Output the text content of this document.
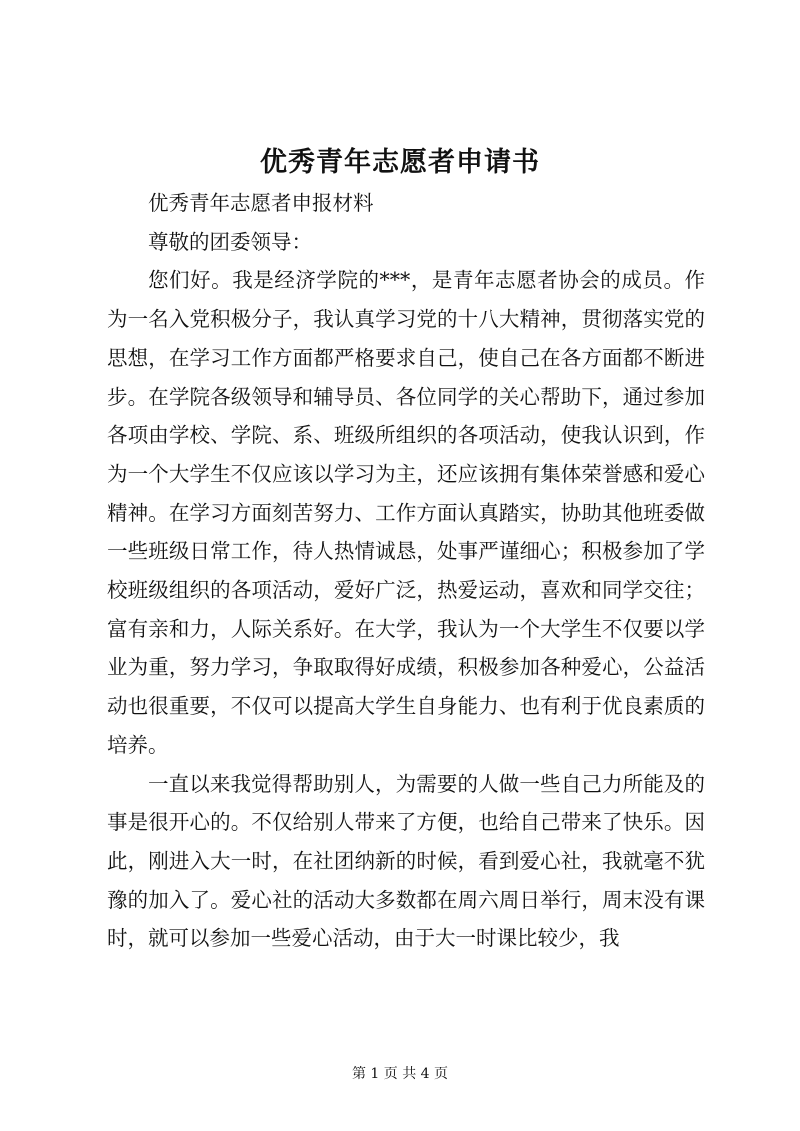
优秀青年志愿者申请书

优秀青年志愿者申报材料

尊敬的团委领导：

您们好。我是经济学院的***，是青年志愿者协会的成员。作为一名入党积极分子，我认真学习党的十八大精神，贯彻落实党的思想，在学习工作方面都严格要求自己，使自己在各方面都不断进步。在学院各级领导和辅导员、各位同学的关心帮助下，通过参加各项由学校、学院、系、班级所组织的各项活动，使我认识到，作为一个大学生不仅应该以学习为主，还应该拥有集体荣誉感和爱心精神。在学习方面刻苦努力、工作方面认真踏实，协助其他班委做一些班级日常工作，待人热情诚恳，处事严谨细心；积极参加了学校班级组织的各项活动，爱好广泛，热爱运动，喜欢和同学交往；富有亲和力，人际关系好。在大学，我认为一个大学生不仅要以学业为重，努力学习，争取取得好成绩，积极参加各种爱心，公益活动也很重要，不仅可以提高大学生自身能力、也有利于优良素质的培养。

一直以来我觉得帮助别人，为需要的人做一些自己力所能及的事是很开心的。不仅给别人带来了方便，也给自己带来了快乐。因此，刚进入大一时，在社团纳新的时候，看到爱心社，我就毫不犹豫的加入了。爱心社的活动大多数都在周六周日举行，周末没有课时，就可以参加一些爱心活动，由于大一时课比较少，我

第 1 页 共 4 页
